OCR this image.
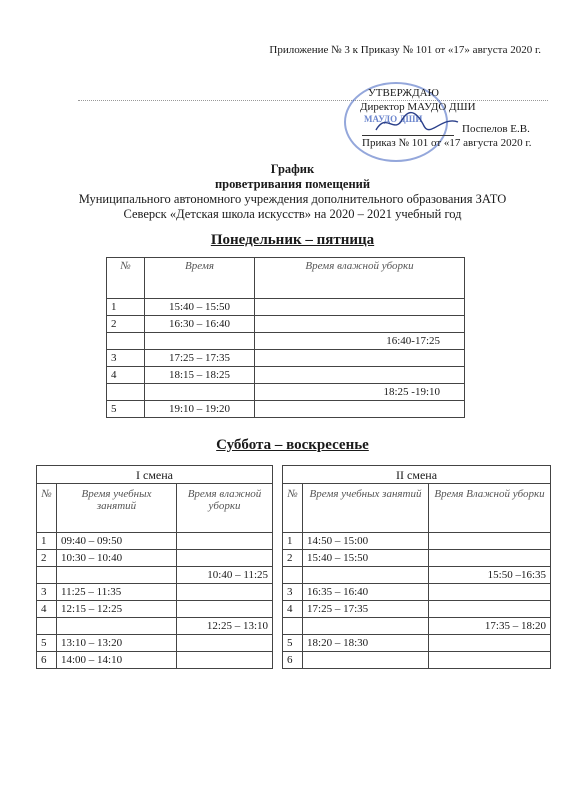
Приложение № 3 к Приказу № 101 от «17» августа 2020 г.
МАУДО ДШИ
УТВЕРЖДАЮ
Директор МАУДО ДШИ
Поспелов Е.В.
Приказ № 101 от «17 августа 2020 г.
График
проветривания помещений
Муниципального автономного учреждения дополнительного образования ЗАТО
Северск «Детская школа искусств» на 2020 – 2021 учебный год
Понедельник – пятница
№	Время	Время влажной уборки
1	15:40 – 15:50	
2	16:30 – 16:40	
		16:40-17:25
3	17:25 – 17:35	
4	18:15 – 18:25	
		18:25 -19:10
5	19:10 – 19:20	
Суббота – воскресенье
I смена				II смена		
№	Время учебных занятий	Время влажной уборки		№	Время учебных занятий	Время Влажной уборки
1	09:40 – 09:50			1	14:50 – 15:00	
2	10:30 – 10:40			2	15:40 – 15:50	
		10:40 – 11:25				15:50 –16:35
3	11:25 – 11:35			3	16:35 – 16:40	
4	12:15 – 12:25			4	17:25 – 17:35	
		12:25 – 13:10				17:35 – 18:20
5	13:10 – 13:20			5	18:20 – 18:30	
6	14:00 – 14:10			6		
